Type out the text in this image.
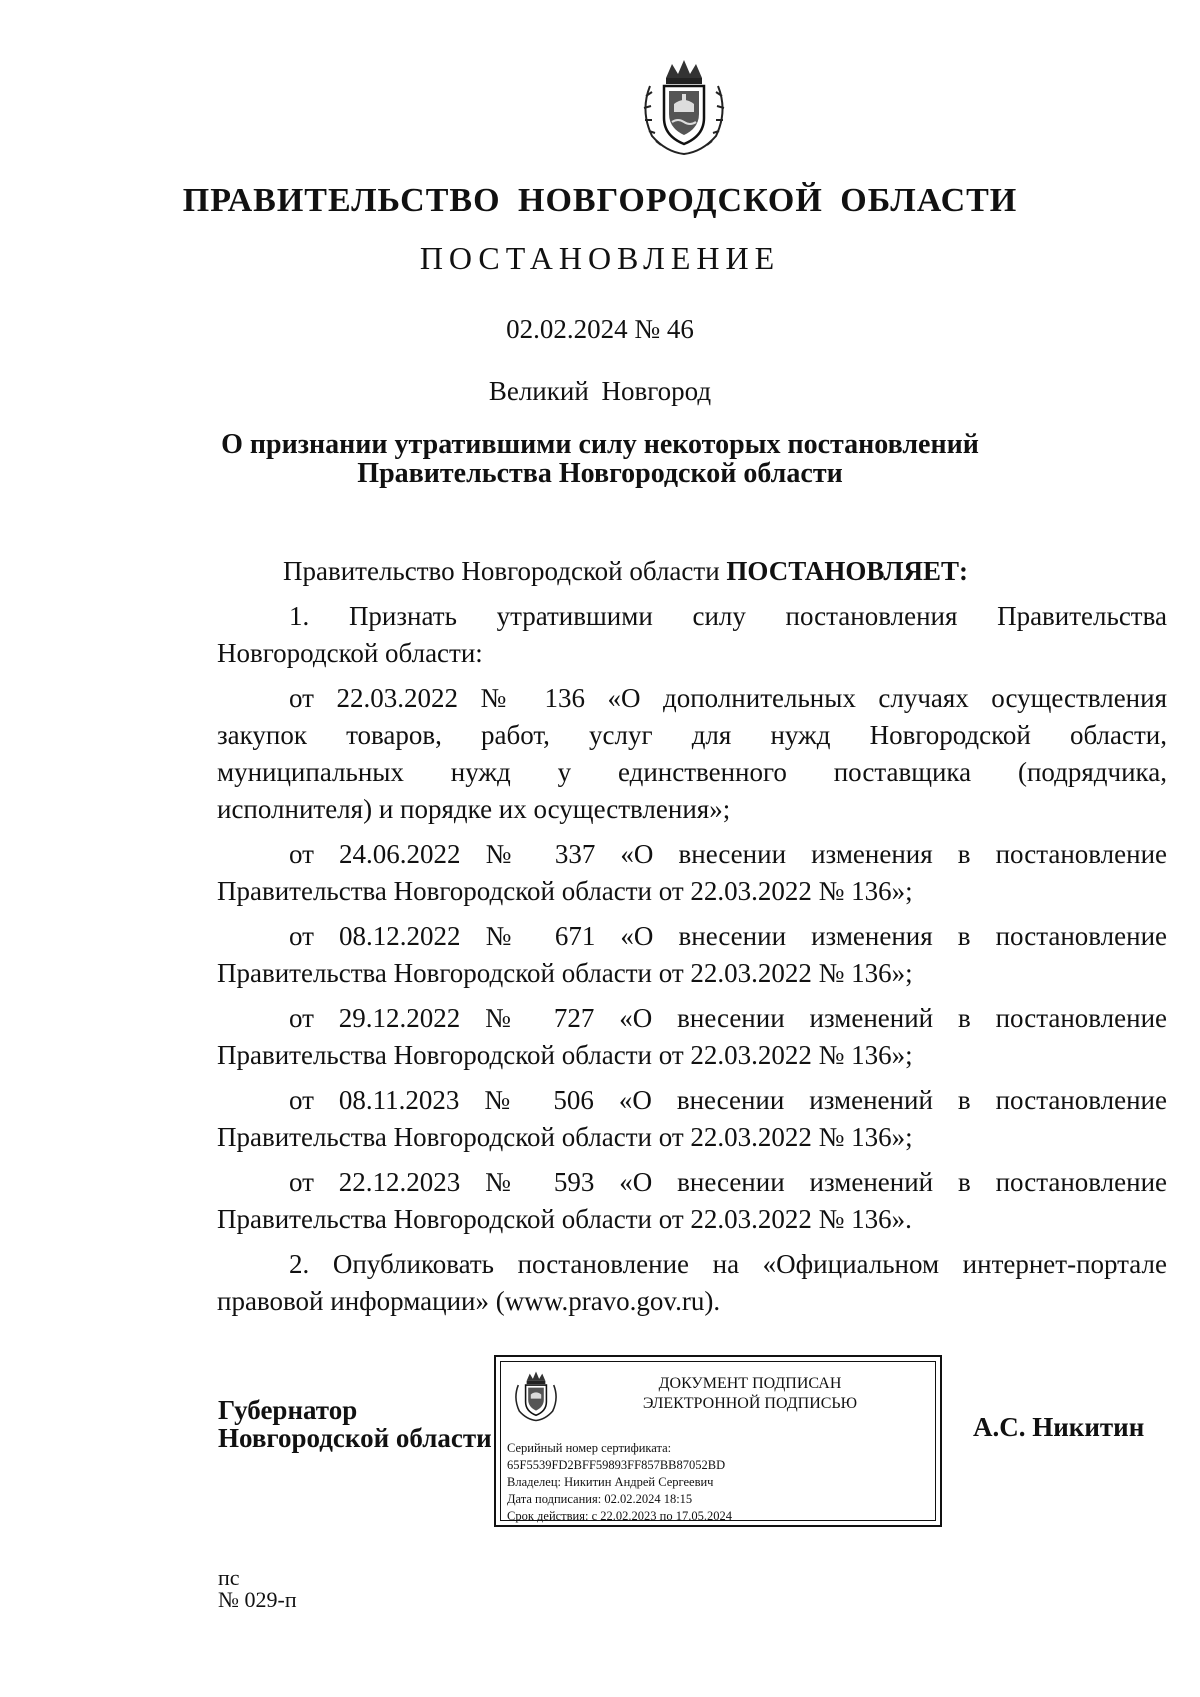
ПРАВИТЕЛЬСТВО НОВГОРОДСКОЙ ОБЛАСТИ
ПОСТАНОВЛЕНИЕ
02.02.2024 № 46
Великий Новгород
О признании утратившими силу некоторых постановлений
Правительства Новгородской области
Правительство Новгородской области ПОСТАНОВЛЯЕТ:
1. Признать утратившими силу постановления Правительства
Новгородской области:
от 22.03.2022 № 136 «О дополнительных случаях осуществления
закупок товаров, работ, услуг для нужд Новгородской области,
муниципальных нужд у единственного поставщика (подрядчика,
исполнителя) и порядке их осуществления»;
от 24.06.2022 № 337 «О внесении изменения в постановление
Правительства Новгородской области от 22.03.2022 № 136»;
от 08.12.2022 № 671 «О внесении изменения в постановление
Правительства Новгородской области от 22.03.2022 № 136»;
от 29.12.2022 № 727 «О внесении изменений в постановление
Правительства Новгородской области от 22.03.2022 № 136»;
от 08.11.2023 № 506 «О внесении изменений в постановление
Правительства Новгородской области от 22.03.2022 № 136»;
от 22.12.2023 № 593 «О внесении изменений в постановление
Правительства Новгородской области от 22.03.2022 № 136».
2. Опубликовать постановление на «Официальном интернет-портале
правовой информации» (www.pravo.gov.ru).
Губернатор
Новгородской области
ДОКУМЕНТ ПОДПИСАН
ЭЛЕКТРОННОЙ ПОДПИСЬЮ
Серийный номер сертификата:
65F5539FD2BFF59893FF857BB87052BD
Владелец: Никитин Андрей Сергеевич
Дата подписания: 02.02.2024 18:15
Срок действия: с 22.02.2023 по 17.05.2024
А.С. Никитин
пс
№ 029-п
